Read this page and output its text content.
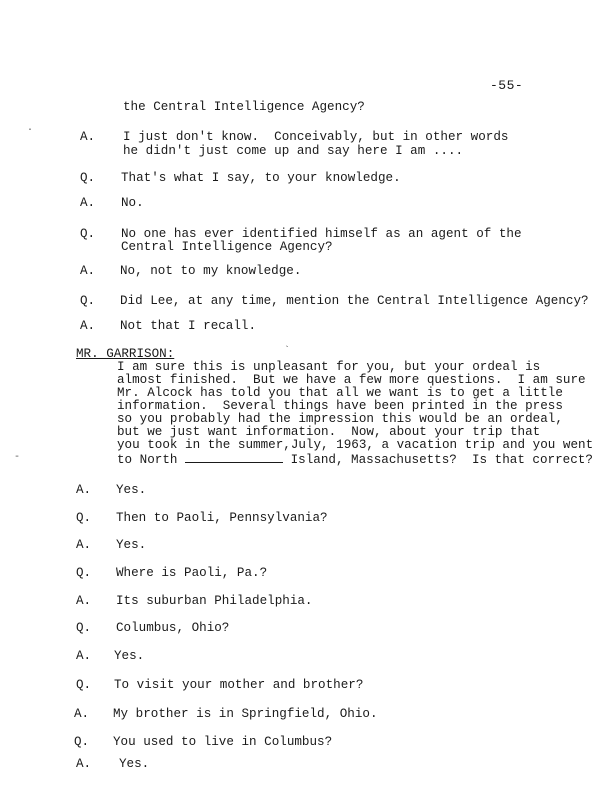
-55-
the Central Intelligence Agency?
A. I just don't know.  Conceivably, but in other words
he didn't just come up and say here I am ....
Q. That's what I say, to your knowledge.
A. No.
Q. No one has ever identified himself as an agent of the
Central Intelligence Agency?
A. No, not to my knowledge.
Q. Did Lee, at any time, mention the Central Intelligence Agency?
A. Not that I recall.
MR. GARRISON:
I am sure this is unpleasant for you, but your ordeal is
almost finished.  But we have a few more questions.  I am sure
Mr. Alcock has told you that all we want is to get a little
information.  Several things have been printed in the press
so you probably had the impression this would be an ordeal,
but we just want information.  Now, about your trip that
you took in the summer,July, 1963, a vacation trip and you went
to North	Island, Massachusetts?  Is that correct?
A. Yes.
Q. Then to Paoli, Pennsylvania?
A. Yes.
Q. Where is Paoli, Pa.?
A. Its suburban Philadelphia.
Q. Columbus, Ohio?
A. Yes.
Q. To visit your mother and brother?
A. My brother is in Springfield, Ohio.
Q. You used to live in Columbus?
A. Yes.
·
`
-
